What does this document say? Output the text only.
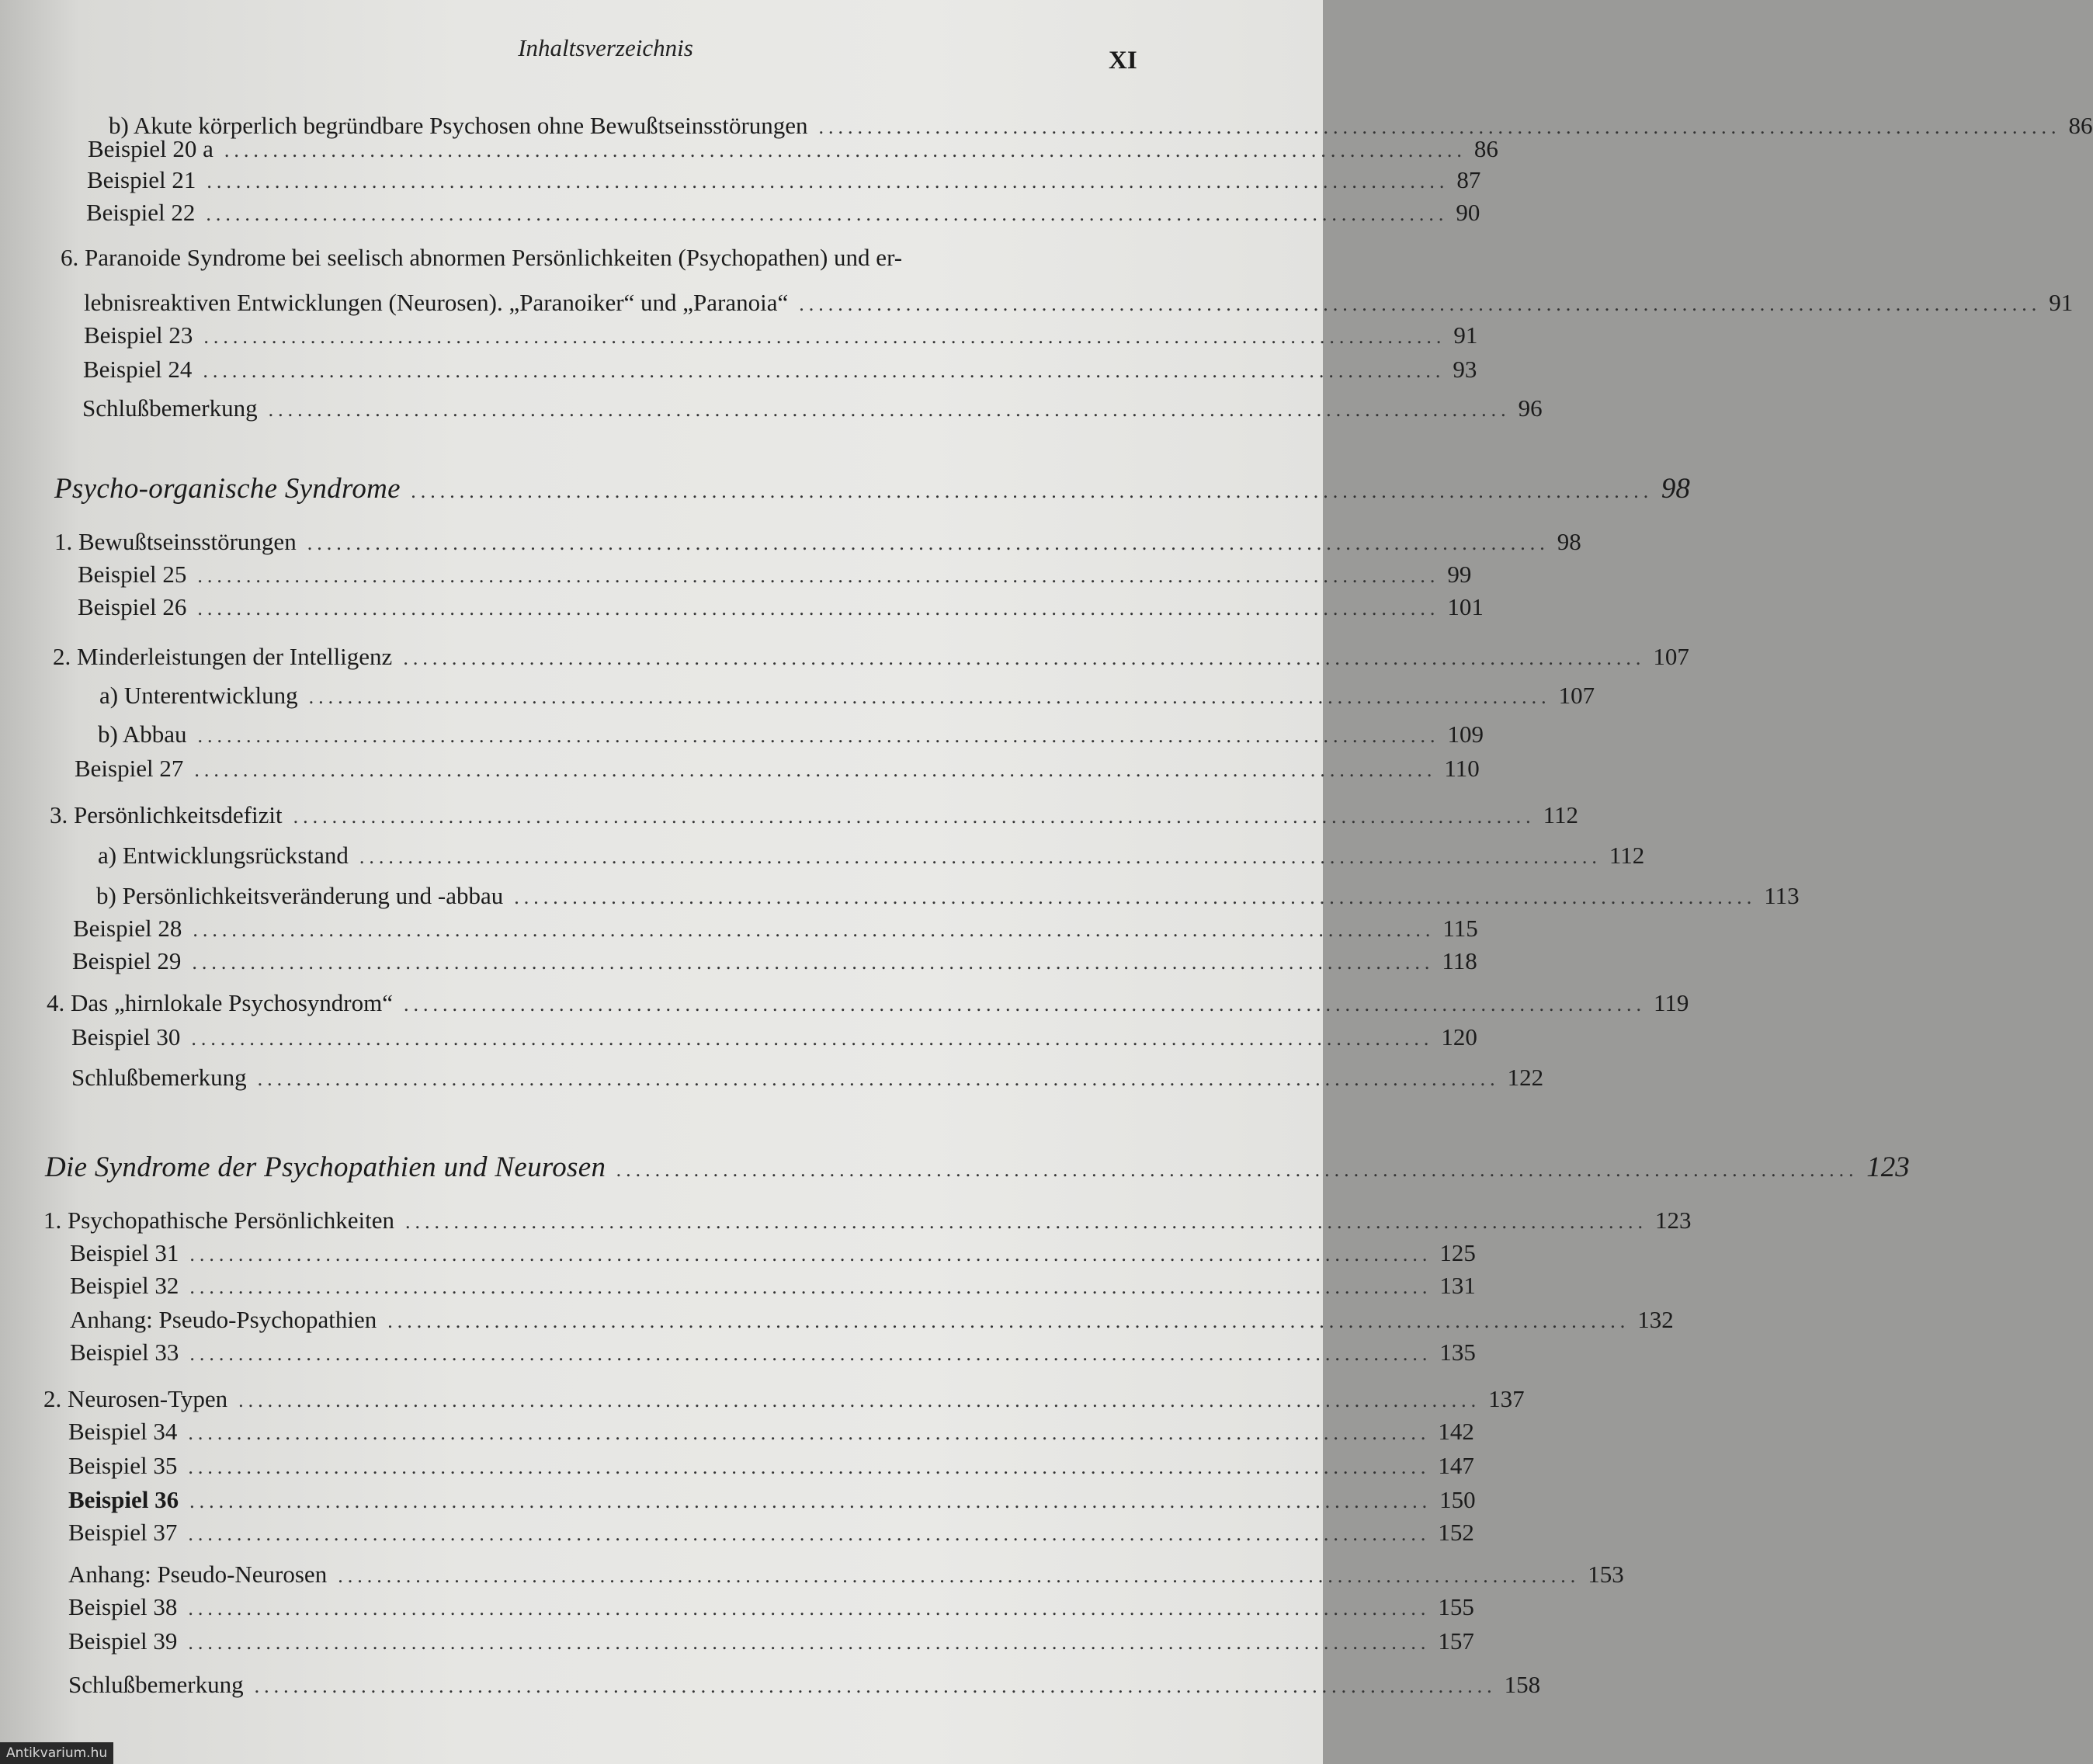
Inhaltsverzeichnis	XI
b) Akute körperlich begründbare Psychosen ohne Bewußtseinsstörungen ................................................................................................................................ 86
Beispiel 20 a ................................................................................................................................ 86
Beispiel 21 ................................................................................................................................ 87
Beispiel 22 ................................................................................................................................ 90
6. Paranoide Syndrome bei seelisch abnormen Persönlichkeiten (Psychopathen) und er-
lebnisreaktiven Entwicklungen (Neurosen). „Paranoiker“ und „Paranoia“ ................................................................................................................................ 91
Beispiel 23 ................................................................................................................................ 91
Beispiel 24 ................................................................................................................................ 93
Schlußbemerkung ................................................................................................................................ 96
Psycho-organische Syndrome ................................................................................................................................ 98
1. Bewußtseinsstörungen ................................................................................................................................ 98
Beispiel 25 ................................................................................................................................ 99
Beispiel 26 ................................................................................................................................ 101
2. Minderleistungen der Intelligenz ................................................................................................................................ 107
a) Unterentwicklung ................................................................................................................................ 107
b) Abbau ................................................................................................................................ 109
Beispiel 27 ................................................................................................................................ 110
3. Persönlichkeitsdefizit ................................................................................................................................ 112
a) Entwicklungsrückstand ................................................................................................................................ 112
b) Persönlichkeitsveränderung und -abbau ................................................................................................................................ 113
Beispiel 28 ................................................................................................................................ 115
Beispiel 29 ................................................................................................................................ 118
4. Das „hirnlokale Psychosyndrom“ ................................................................................................................................ 119
Beispiel 30 ................................................................................................................................ 120
Schlußbemerkung ................................................................................................................................ 122
Die Syndrome der Psychopathien und Neurosen ................................................................................................................................ 123
1. Psychopathische Persönlichkeiten ................................................................................................................................ 123
Beispiel 31 ................................................................................................................................ 125
Beispiel 32 ................................................................................................................................ 131
Anhang: Pseudo-Psychopathien ................................................................................................................................ 132
Beispiel 33 ................................................................................................................................ 135
2. Neurosen-Typen ................................................................................................................................ 137
Beispiel 34 ................................................................................................................................ 142
Beispiel 35 ................................................................................................................................ 147
Beispiel 36 ................................................................................................................................ 150
Beispiel 37 ................................................................................................................................ 152
Anhang: Pseudo-Neurosen ................................................................................................................................ 153
Beispiel 38 ................................................................................................................................ 155
Beispiel 39 ................................................................................................................................ 157
Schlußbemerkung ................................................................................................................................ 158
Antikvarium.hu
